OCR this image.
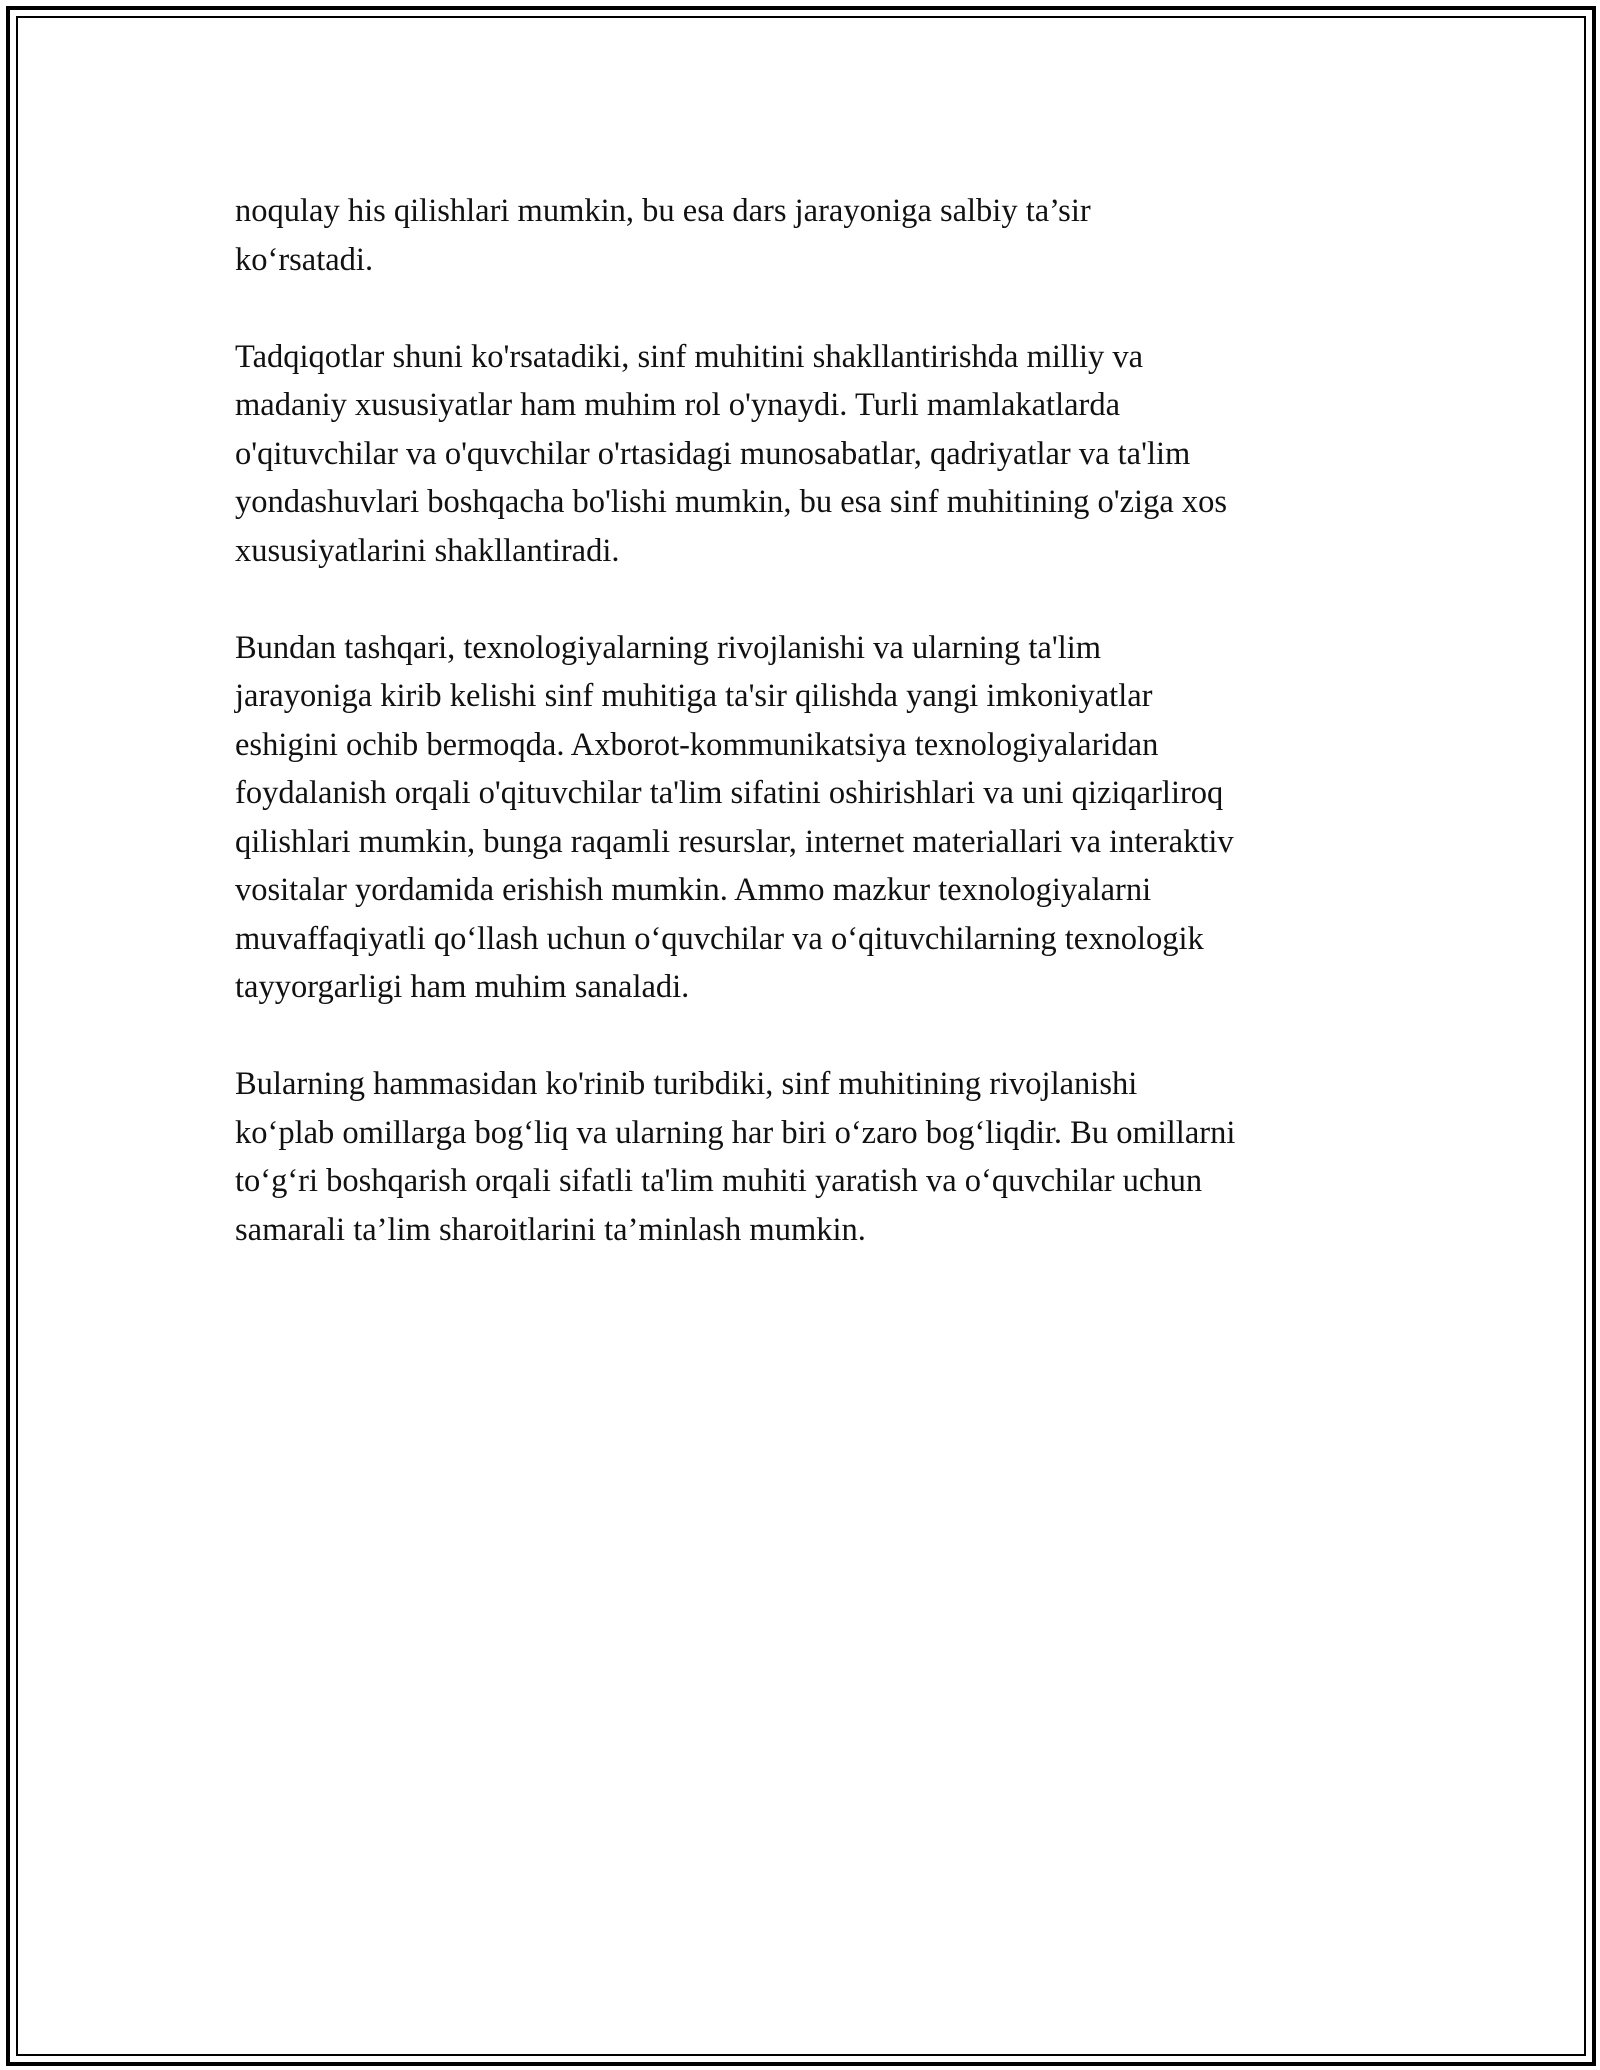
noqulay his qilishlari mumkin, bu esa dars jarayoniga salbiy ta’sir
ko‘rsatadi.

Tadqiqotlar shuni ko'rsatadiki, sinf muhitini shakllantirishda milliy va
madaniy xususiyatlar ham muhim rol o'ynaydi. Turli mamlakatlarda
o'qituvchilar va o'quvchilar o'rtasidagi munosabatlar, qadriyatlar va ta'lim
yondashuvlari boshqacha bo'lishi mumkin, bu esa sinf muhitining o'ziga xos
xususiyatlarini shakllantiradi.

Bundan tashqari, texnologiyalarning rivojlanishi va ularning ta'lim
jarayoniga kirib kelishi sinf muhitiga ta'sir qilishda yangi imkoniyatlar
eshigini ochib bermoqda. Axborot-kommunikatsiya texnologiyalaridan
foydalanish orqali o'qituvchilar ta'lim sifatini oshirishlari va uni qiziqarliroq
qilishlari mumkin, bunga raqamli resurslar, internet materiallari va interaktiv
vositalar yordamida erishish mumkin. Ammo mazkur texnologiyalarni
muvaffaqiyatli qo‘llash uchun o‘quvchilar va o‘qituvchilarning texnologik
tayyorgarligi ham muhim sanaladi.

Bularning hammasidan ko'rinib turibdiki, sinf muhitining rivojlanishi
ko‘plab omillarga bog‘liq va ularning har biri o‘zaro bog‘liqdir. Bu omillarni
to‘g‘ri boshqarish orqali sifatli ta'lim muhiti yaratish va o‘quvchilar uchun
samarali ta’lim sharoitlarini ta’minlash mumkin.
